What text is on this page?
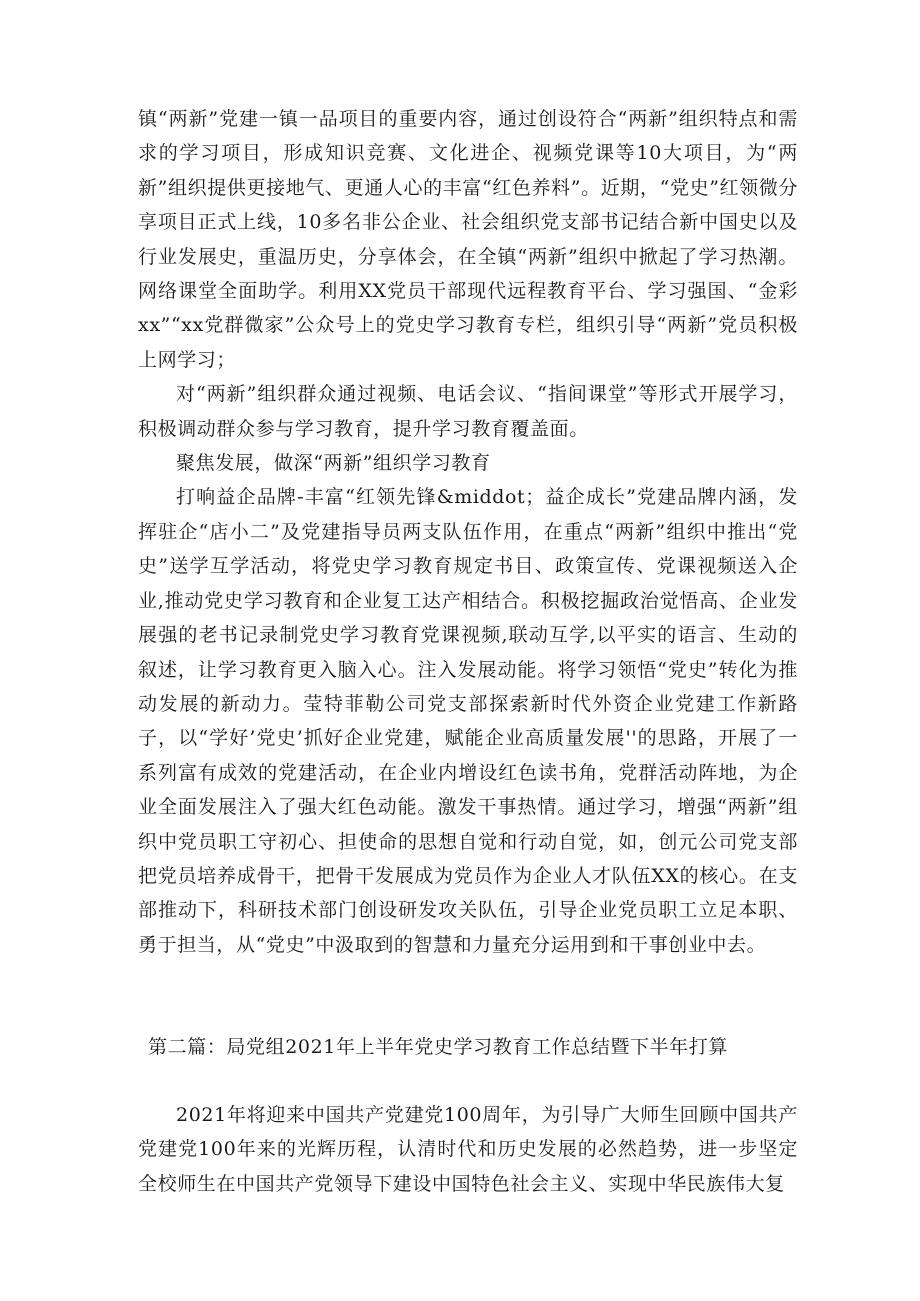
镇“两新”党建一镇一品项目的重要内容，通过创设符合“两新”组织特点和需求的学习项目，形成知识竞赛、文化进企、视频党课等10大项目，为“两新”组织提供更接地气、更通人心的丰富“红色养料”。近期，“党史”红领微分享项目正式上线，10多名非公企业、社会组织党支部书记结合新中国史以及行业发展史，重温历史，分享体会，在全镇“两新”组织中掀起了学习热潮。网络课堂全面助学。利用XX党员干部现代远程教育平台、学习强国、“金彩xx”“xx党群微家”公众号上的党史学习教育专栏，组织引导“两新”党员积极上网学习；

对“两新”组织群众通过视频、电话会议、“指间课堂”等形式开展学习，积极调动群众参与学习教育，提升学习教育覆盖面。

聚焦发展，做深“两新”组织学习教育

打响益企品牌-丰富“红领先锋&middot；益企成长”党建品牌内涵，发挥驻企“店小二”及党建指导员两支队伍作用，在重点“两新”组织中推出“党史”送学互学活动，将党史学习教育规定书目、政策宣传、党课视频送入企业,推动党史学习教育和企业复工达产相结合。积极挖掘政治觉悟高、企业发展强的老书记录制党史学习教育党课视频,联动互学,以平实的语言、生动的叙述，让学习教育更入脑入心。注入发展动能。将学习领悟“党史”转化为推动发展的新动力。莹特菲勒公司党支部探索新时代外资企业党建工作新路子，以“学好’党史’抓好企业党建，赋能企业高质量发展''的思路，开展了一系列富有成效的党建活动，在企业内增设红色读书角，党群活动阵地，为企业全面发展注入了强大红色动能。激发干事热情。通过学习，增强“两新”组织中党员职工守初心、担使命的思想自觉和行动自觉，如，创元公司党支部把党员培养成骨干，把骨干发展成为党员作为企业人才队伍XX的核心。在支部推动下，科研技术部门创设研发攻关队伍，引导企业党员职工立足本职、勇于担当，从“党史”中汲取到的智慧和力量充分运用到和干事创业中去。

第二篇：局党组2021年上半年党史学习教育工作总结暨下半年打算

2021年将迎来中国共产党建党100周年，为引导广大师生回顾中国共产党建党100年来的光辉历程，认清时代和历史发展的必然趋势，进一步坚定全校师生在中国共产党领导下建设中国特色社会主义、实现中华民族伟大复
